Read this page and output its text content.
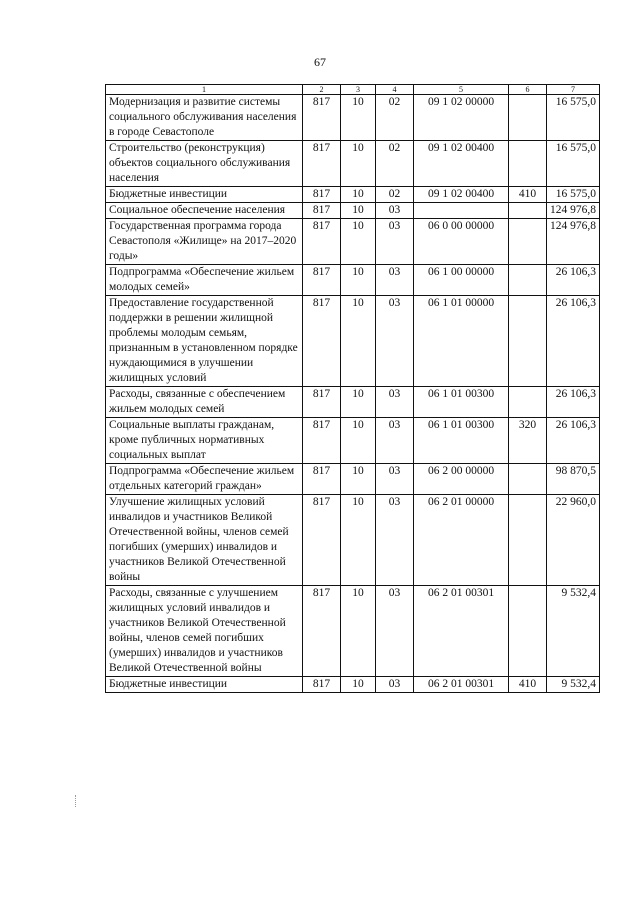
67
1	2	3	4	5	6	7
Модернизация и развитие системы социального обслуживания населения в городе Севастополе	817	10	02	09 1 02 00000		16 575,0
Строительство (реконструкция) объектов социального обслуживания населения	817	10	02	09 1 02 00400		16 575,0
Бюджетные инвестиции	817	10	02	09 1 02 00400	410	16 575,0
Социальное обеспечение населения	817	10	03			124 976,8
Государственная программа города Севастополя «Жилище» на 2017–2020 годы»	817	10	03	06 0 00 00000		124 976,8
Подпрограмма «Обеспечение жильем молодых семей»	817	10	03	06 1 00 00000		26 106,3
Предоставление государственной поддержки в решении жилищной проблемы молодым семьям, признанным в установленном порядке нуждающимися в улучшении жилищных условий	817	10	03	06 1 01 00000		26 106,3
Расходы, связанные с обеспечением жильем молодых семей	817	10	03	06 1 01 00300		26 106,3
Социальные выплаты гражданам, кроме публичных нормативных социальных выплат	817	10	03	06 1 01 00300	320	26 106,3
Подпрограмма «Обеспечение жильем отдельных категорий граждан»	817	10	03	06 2 00 00000		98 870,5
Улучшение жилищных условий инвалидов и участников Великой Отечественной войны, членов семей погибших (умерших) инвалидов и участников Великой Отечественной войны	817	10	03	06 2 01 00000		22 960,0
Расходы, связанные с улучшением жилищных условий инвалидов и участников Великой Отечественной войны, членов семей погибших (умерших) инвалидов и участников Великой Отечественной войны	817	10	03	06 2 01 00301		9 532,4
Бюджетные инвестиции	817	10	03	06 2 01 00301	410	9 532,4
